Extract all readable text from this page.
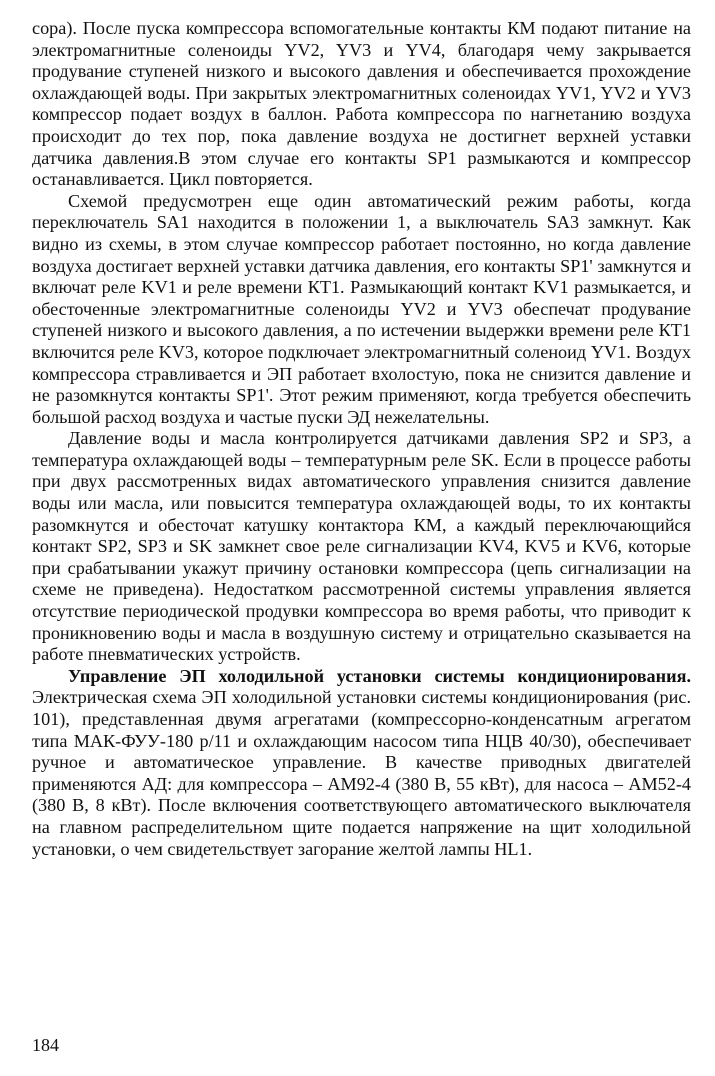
сора). После пуска компрессора вспомогательные контакты КМ подают питание на электромагнитные соленоиды YV2, YV3 и YV4, благодаря чему закрывается продувание ступеней низкого и высокого давления и обеспечивается прохождение охлаждающей воды. При закрытых электромагнитных соленоидах YV1, YV2 и YV3 компрессор подает воздух в баллон. Работа компрессора по нагнетанию воздуха происходит до тех пор, пока давление воздуха не достигнет верхней уставки датчика давления.В этом случае его контакты SP1 размыкаются и компрессор останавливается. Цикл повторяется.

Схемой предусмотрен еще один автоматический режим работы, когда переключатель SA1 находится в положении 1, а выключатель SA3 замкнут. Как видно из схемы, в этом случае компрессор работает постоянно, но когда давление воздуха достигает верхней уставки датчика давления, его контакты SP1' замкнутся и включат реле KV1 и реле времени КТ1. Размыкающий контакт KV1 размыкается, и обесточенные электромагнитные соленоиды YV2 и YV3 обеспечат продувание ступеней низкого и высокого давления, а по истечении выдержки времени реле КТ1 включится реле KV3, которое подключает электромагнитный соленоид YV1. Воздух компрессора стравливается и ЭП работает вхолостую, пока не снизится давление и не разомкнутся контакты SP1'. Этот режим применяют, когда требуется обеспечить большой расход воздуха и частые пуски ЭД нежелательны.

Давление воды и масла контролируется датчиками давления SP2 и SP3, а температура охлаждающей воды – температурным реле SK. Если в процессе работы при двух рассмотренных видах автоматического управления снизится давление воды или масла, или повысится температура охлаждающей воды, то их контакты разомкнутся и обесточат катушку контактора КМ, а каждый переключающийся контакт SP2, SP3 и SK замкнет свое реле сигнализации KV4, KV5 и KV6, которые при срабатывании укажут причину остановки компрессора (цепь сигнализации на схеме не приведена). Недостатком рассмотренной системы управления является отсутствие периодической продувки компрессора во время работы, что приводит к проникновению воды и масла в воздушную систему и отрицательно сказывается на работе пневматических устройств.

Управление ЭП холодильной установки системы кондиционирования. Электрическая схема ЭП холодильной установки системы кондиционирования (рис. 101), представленная двумя агрегатами (компрессорно-конденсатным агрегатом типа МАК-ФУУ-180 р/11 и охлаждающим насосом типа НЦВ 40/30), обеспечивает ручное и автоматическое управление. В качестве приводных двигателей применяются АД: для компрессора – АМ92-4 (380 В, 55 кВт), для насоса – АМ52-4 (380 В, 8 кВт). После включения соответствующего автоматического выключателя на главном распределительном щите подается напряжение на щит холодильной установки, о чем свидетельствует загорание желтой лампы HL1.

184
